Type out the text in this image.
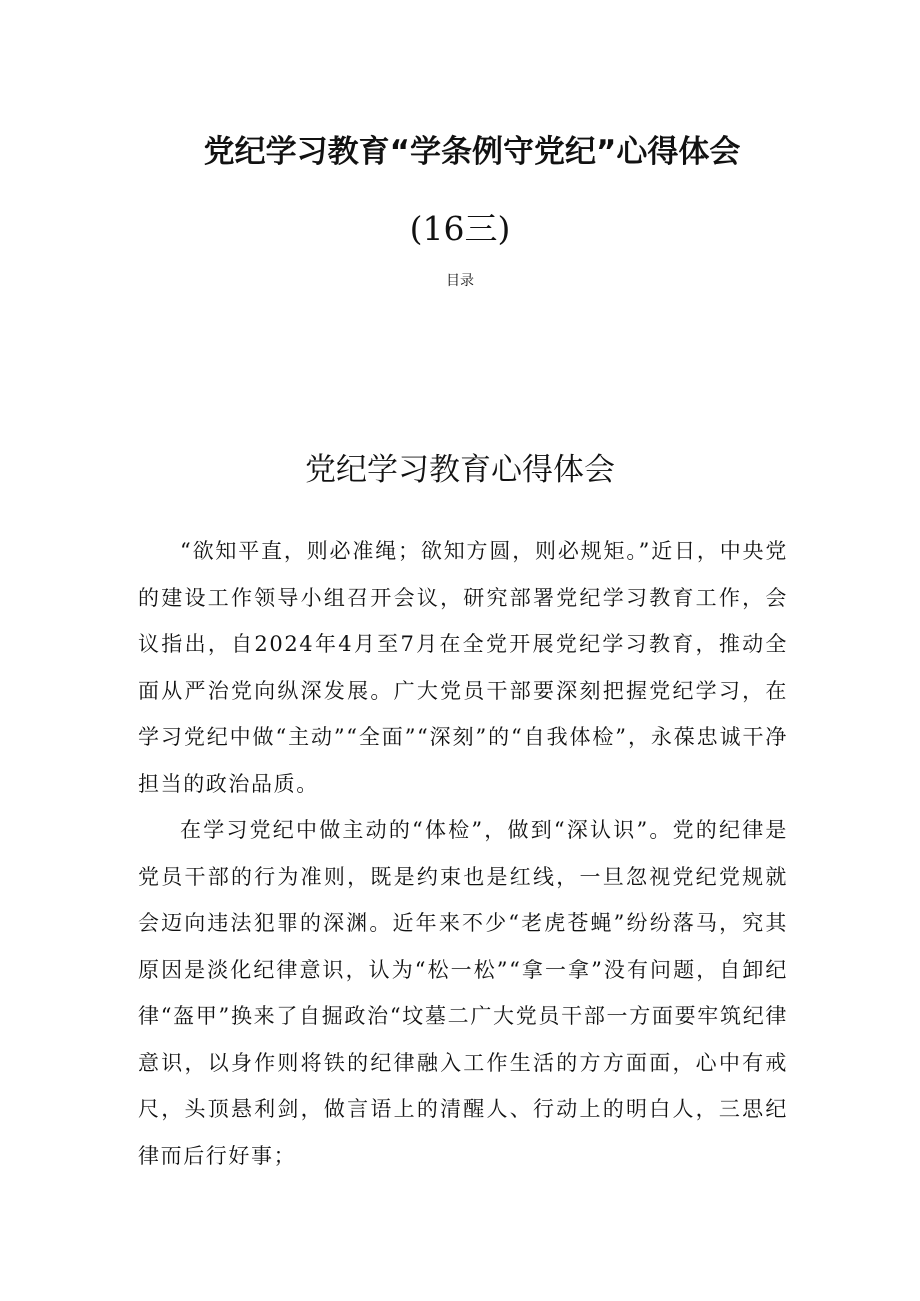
党纪学习教育“学条例守党纪”心得体会
(16三)
目录
党纪学习教育心得体会

“欲知平直，则必准绳；欲知方圆，则必规矩。”近日，中央党的建设工作领导小组召开会议，研究部署党纪学习教育工作，会议指出，自2024年4月至7月在全党开展党纪学习教育，推动全面从严治党向纵深发展。广大党员干部要深刻把握党纪学习，在学习党纪中做“主动”“全面”“深刻”的“自我体检”，永葆忠诚干净担当的政治品质。

在学习党纪中做主动的“体检”，做到“深认识”。党的纪律是党员干部的行为准则，既是约束也是红线，一旦忽视党纪党规就会迈向违法犯罪的深渊。近年来不少“老虎苍蝇”纷纷落马，究其原因是淡化纪律意识，认为“松一松”“拿一拿”没有问题，自卸纪律“盔甲”换来了自掘政治“坟墓二广大党员干部一方面要牢筑纪律意识，以身作则将铁的纪律融入工作生活的方方面面，心中有戒尺，头顶悬利剑，做言语上的清醒人、行动上的明白人，三思纪律而后行好事；
